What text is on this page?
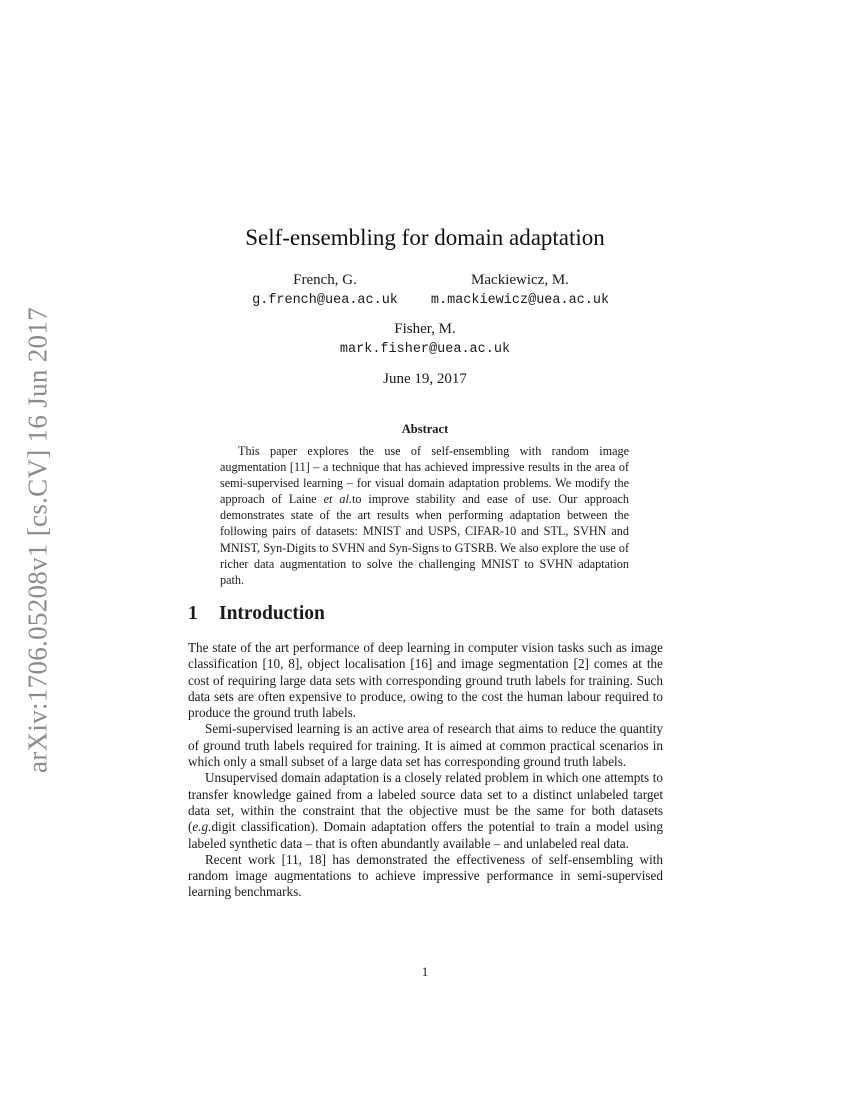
arXiv:1706.05208v1 [cs.CV] 16 Jun 2017
Self-ensembling for domain adaptation
French, G.
g.french@uea.ac.uk
Mackiewicz, M.
m.mackiewicz@uea.ac.uk
Fisher, M.
mark.fisher@uea.ac.uk
June 19, 2017
Abstract
This paper explores the use of self-ensembling with random image augmentation [11] – a technique that has achieved impressive results in the area of semi-supervised learning – for visual domain adaptation problems. We modify the approach of Laine et al.to improve stability and ease of use. Our approach demonstrates state of the art results when performing adaptation between the following pairs of datasets: MNIST and USPS, CIFAR-10 and STL, SVHN and MNIST, Syn-Digits to SVHN and Syn-Signs to GTSRB. We also explore the use of richer data augmentation to solve the challenging MNIST to SVHN adaptation path.
1 Introduction

The state of the art performance of deep learning in computer vision tasks such as image classification [10, 8], object localisation [16] and image segmentation [2] comes at the cost of requiring large data sets with corresponding ground truth labels for training. Such data sets are often expensive to produce, owing to the cost the human labour required to produce the ground truth labels.

Semi-supervised learning is an active area of research that aims to reduce the quantity of ground truth labels required for training. It is aimed at common practical scenarios in which only a small subset of a large data set has corresponding ground truth labels.

Unsupervised domain adaptation is a closely related problem in which one attempts to transfer knowledge gained from a labeled source data set to a distinct unlabeled target data set, within the constraint that the objective must be the same for both datasets (e.g.digit classification). Domain adaptation offers the potential to train a model using labeled synthetic data – that is often abundantly available – and unlabeled real data.

Recent work [11, 18] has demonstrated the effectiveness of self-ensembling with random image augmentations to achieve impressive performance in semi-supervised learning benchmarks.

1
